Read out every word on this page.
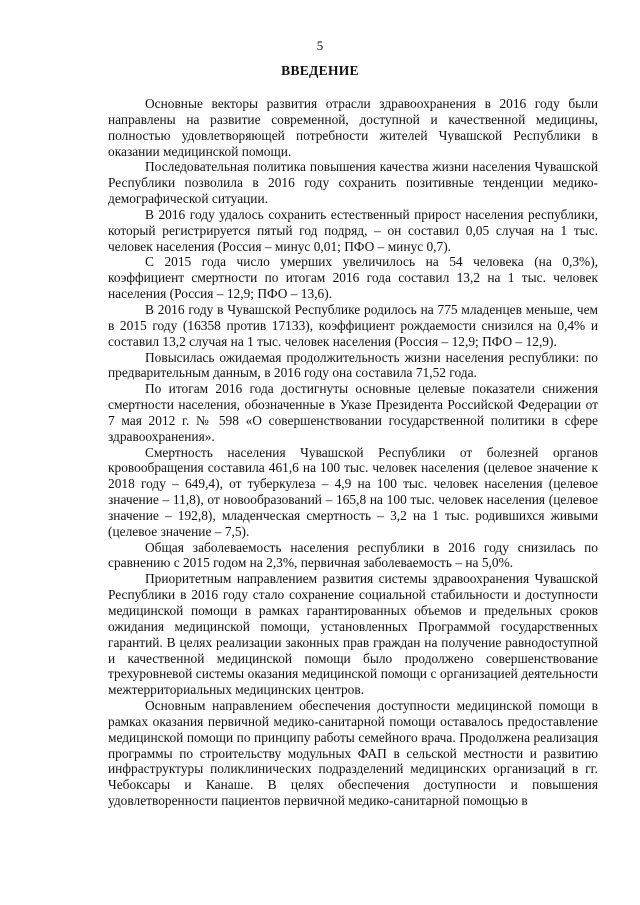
5
ВВЕДЕНИЕ

Основные векторы развития отрасли здравоохранения в 2016 году были направлены на развитие современной, доступной и качественной медицины, полностью удовлетворяющей потребности жителей Чувашской Республики в оказании медицинской помощи.

Последовательная политика повышения качества жизни населения Чувашской Республики позволила в 2016 году сохранить позитивные тенденции медико-демографической ситуации.

В 2016 году удалось сохранить естественный прирост населения республики, который регистрируется пятый год подряд, – он составил 0,05 случая на 1 тыс. человек населения (Россия – минус 0,01; ПФО – минус 0,7).

С 2015 года число умерших увеличилось на 54 человека (на 0,3%), коэффициент смертности по итогам 2016 года составил 13,2 на 1 тыс. человек населения (Россия – 12,9; ПФО – 13,6).

В 2016 году в Чувашской Республике родилось на 775 младенцев меньше, чем в 2015 году (16358 против 17133), коэффициент рождаемости снизился на 0,4% и составил 13,2 случая на 1 тыс. человек населения (Россия – 12,9; ПФО – 12,9).

Повысилась ожидаемая продолжительность жизни населения республики: по предварительным данным, в 2016 году она составила 71,52 года.

По итогам 2016 года достигнуты основные целевые показатели снижения смертности населения, обозначенные в Указе Президента Российской Федерации от 7 мая 2012 г. № 598 «О совершенствовании государственной политики в сфере здравоохранения».

Смертность населения Чувашской Республики от болезней органов кровообращения составила 461,6 на 100 тыс. человек населения (целевое значение к 2018 году – 649,4), от туберкулеза – 4,9 на 100 тыс. человек населения (целевое значение – 11,8), от новообразований – 165,8 на 100 тыс. человек населения (целевое значение – 192,8), младенческая смертность – 3,2 на 1 тыс. родившихся живыми (целевое значение – 7,5).

Общая заболеваемость населения республики в 2016 году снизилась по сравнению с 2015 годом на 2,3%, первичная заболеваемость – на 5,0%.

Приоритетным направлением развития системы здравоохранения Чувашской Республики в 2016 году стало сохранение социальной стабильности и доступности медицинской помощи в рамках гарантированных объемов и предельных сроков ожидания медицинской помощи, установленных Программой государственных гарантий. В целях реализации законных прав граждан на получение равнодоступной и качественной медицинской помощи было продолжено совершенствование трехуровневой системы оказания медицинской помощи с организацией деятельности межтерриториальных медицинских центров.

Основным направлением обеспечения доступности медицинской помощи в рамках оказания первичной медико-санитарной помощи оставалось предоставление медицинской помощи по принципу работы семейного врача. Продолжена реализация программы по строительству модульных ФАП в сельской местности и развитию инфраструктуры поликлинических подразделений медицинских организаций в гг. Чебоксары и Канаше. В целях обеспечения доступности и повышения удовлетворенности пациентов первичной медико-санитарной помощью в
